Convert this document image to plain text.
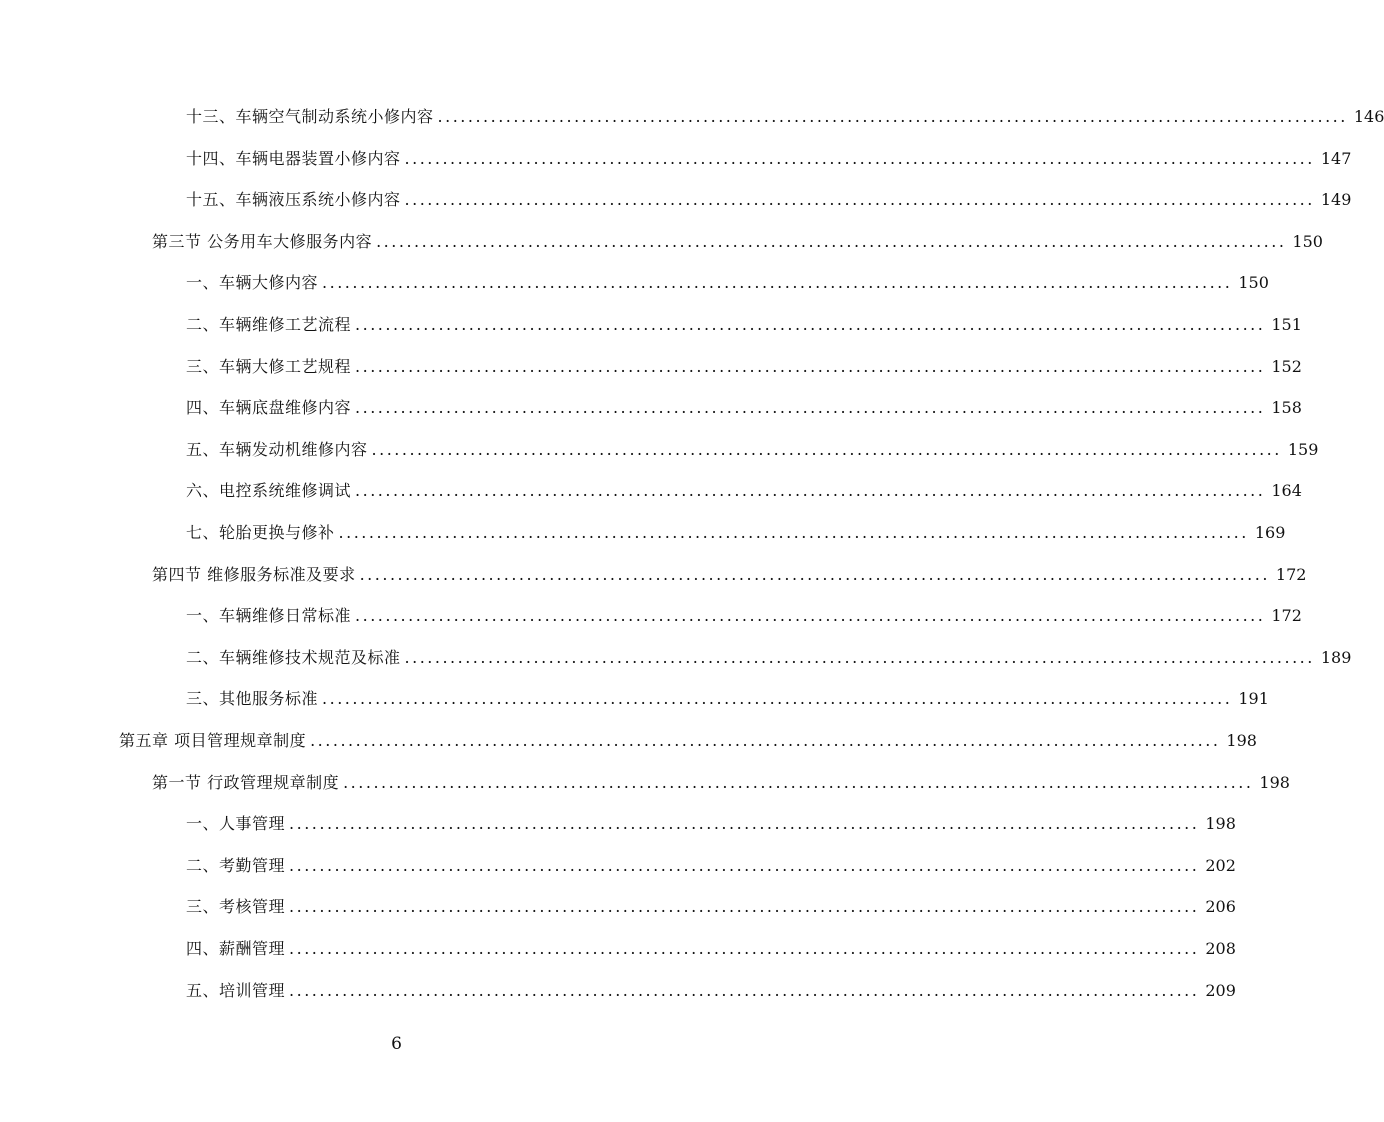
十三、车辆空气制动系统小修内容 ........................................................................................................................ 146
十四、车辆电器装置小修内容 ........................................................................................................................ 147
十五、车辆液压系统小修内容 ........................................................................................................................ 149
第三节 公务用车大修服务内容 ........................................................................................................................ 150
一、车辆大修内容 ........................................................................................................................ 150
二、车辆维修工艺流程 ........................................................................................................................ 151
三、车辆大修工艺规程 ........................................................................................................................ 152
四、车辆底盘维修内容 ........................................................................................................................ 158
五、车辆发动机维修内容 ........................................................................................................................ 159
六、电控系统维修调试 ........................................................................................................................ 164
七、轮胎更换与修补 ........................................................................................................................ 169
第四节 维修服务标准及要求 ........................................................................................................................ 172
一、车辆维修日常标准 ........................................................................................................................ 172
二、车辆维修技术规范及标准 ........................................................................................................................ 189
三、其他服务标准 ........................................................................................................................ 191
第五章 项目管理规章制度 ........................................................................................................................ 198
第一节 行政管理规章制度 ........................................................................................................................ 198
一、人事管理 ........................................................................................................................ 198
二、考勤管理 ........................................................................................................................ 202
三、考核管理 ........................................................................................................................ 206
四、薪酬管理 ........................................................................................................................ 208
五、培训管理 ........................................................................................................................ 209
6
